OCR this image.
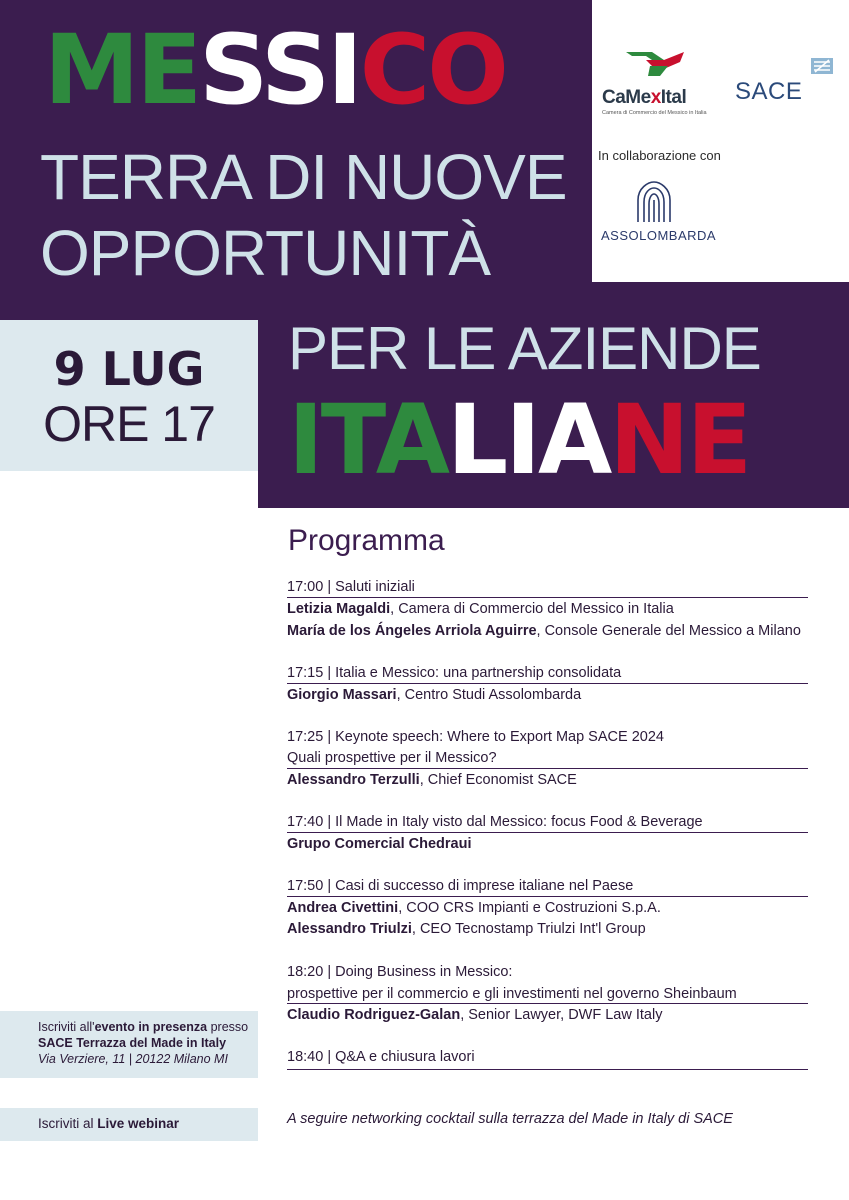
MESSICO
TERRA DI NUOVE
OPPORTUNITÀ
PER LE AZIENDE
ITALIANE
9 LUG
ORE 17
CaMexItal
Camera di Commercio del Messico in Italia
SACE
In collaborazione con
ASSOLOMBARDA
Programma
17:00 | Saluti iniziali
Letizia Magaldi, Camera di Commercio del Messico in Italia
María de los Ángeles Arriola Aguirre, Console Generale del Messico a Milano
17:15 | Italia e Messico: una partnership consolidata
Giorgio Massari, Centro Studi Assolombarda
17:25 | Keynote speech: Where to Export Map SACE 2024
Quali prospettive per il Messico?
Alessandro Terzulli, Chief Economist SACE
17:40 | Il Made in Italy visto dal Messico: focus Food & Beverage
Grupo Comercial Chedraui
17:50 | Casi di successo di imprese italiane nel Paese
Andrea Civettini, COO CRS Impianti e Costruzioni S.p.A.
Alessandro Triulzi, CEO Tecnostamp Triulzi Int'l Group
18:20 | Doing Business in Messico:
prospettive per il commercio e gli investimenti nel governo Sheinbaum
Claudio Rodriguez-Galan, Senior Lawyer, DWF Law Italy
18:40 | Q&A e chiusura lavori
Iscriviti all'evento in presenza presso
SACE Terrazza del Made in Italy
Via Verziere, 11 | 20122 Milano MI
Iscriviti al Live webinar	A seguire networking cocktail sulla terrazza del Made in Italy di SACE
